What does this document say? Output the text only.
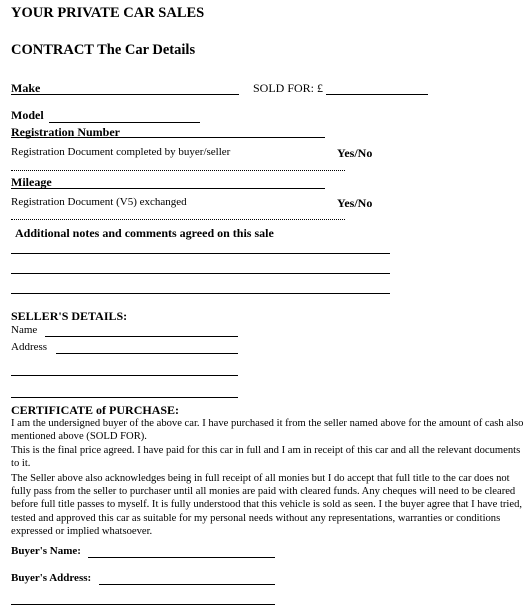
YOUR PRIVATE CAR SALES
CONTRACT The Car Details
Make	SOLD FOR: £
Model
Registration Number
Registration Document completed by buyer/seller	Yes/No
Mileage
Registration Document (V5) exchanged	Yes/No
Additional notes and comments agreed on this sale
SELLER'S DETAILS:
Name
Address
CERTIFICATE of PURCHASE:
I am the undersigned buyer of the above car. I have purchased it from the seller named above for the amount of cash also mentioned above (SOLD FOR).
This is the final price agreed. I have paid for this car in full and I am in receipt of this car and all the relevant documents to it.
The Seller above also acknowledges being in full receipt of all monies but I do accept that full title to the car does not fully pass from the seller to purchaser until all monies are paid with cleared funds. Any cheques will need to be cleared before full title passes to myself. It is fully understood that this vehicle is sold as seen. I the buyer agree that I have tried, tested and approved this car as suitable for my personal needs without any representations, warranties or conditions expressed or implied whatsoever.
Buyer's Name:
Buyer's Address:
